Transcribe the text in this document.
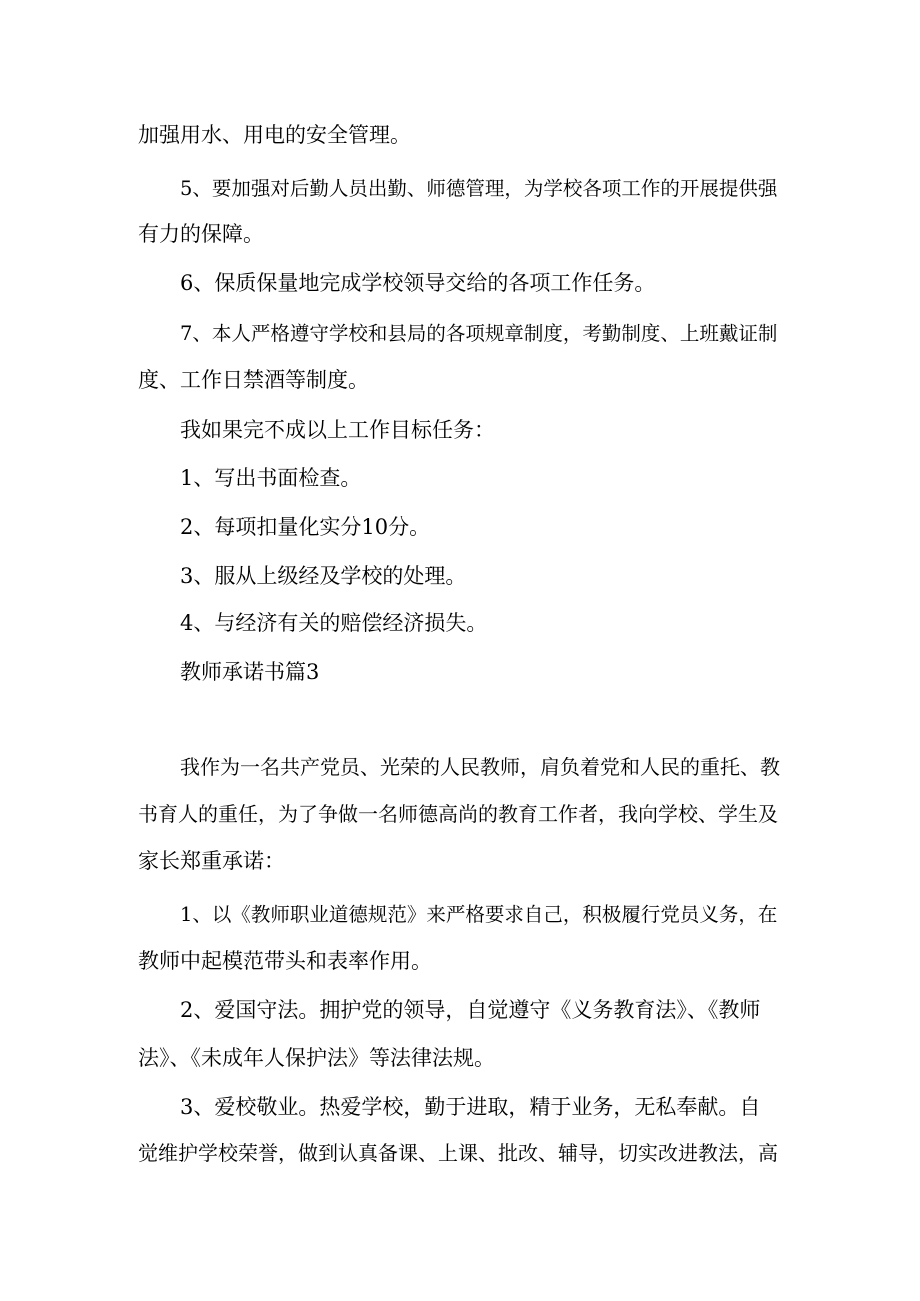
加强用水、用电的安全管理。

5、要加强对后勤人员出勤、师德管理，为学校各项工作的开展提供强

有力的保障。

6、保质保量地完成学校领导交给的各项工作任务。

7、本人严格遵守学校和县局的各项规章制度，考勤制度、上班戴证制

度、工作日禁酒等制度。

我如果完不成以上工作目标任务：

1、写出书面检查。

2、每项扣量化实分10分。

3、服从上级经及学校的处理。

4、与经济有关的赔偿经济损失。

教师承诺书篇3

我作为一名共产党员、光荣的人民教师，肩负着党和人民的重托、教

书育人的重任，为了争做一名师德高尚的教育工作者，我向学校、学生及

家长郑重承诺：

1、以《教师职业道德规范》来严格要求自己，积极履行党员义务，在

教师中起模范带头和表率作用。

2、爱国守法。拥护党的领导，自觉遵守《义务教育法》、《教师

法》、《未成年人保护法》等法律法规。

3、爱校敬业。热爱学校，勤于进取，精于业务，无私奉献。自

觉维护学校荣誉，做到认真备课、上课、批改、辅导，切实改进教法，高
